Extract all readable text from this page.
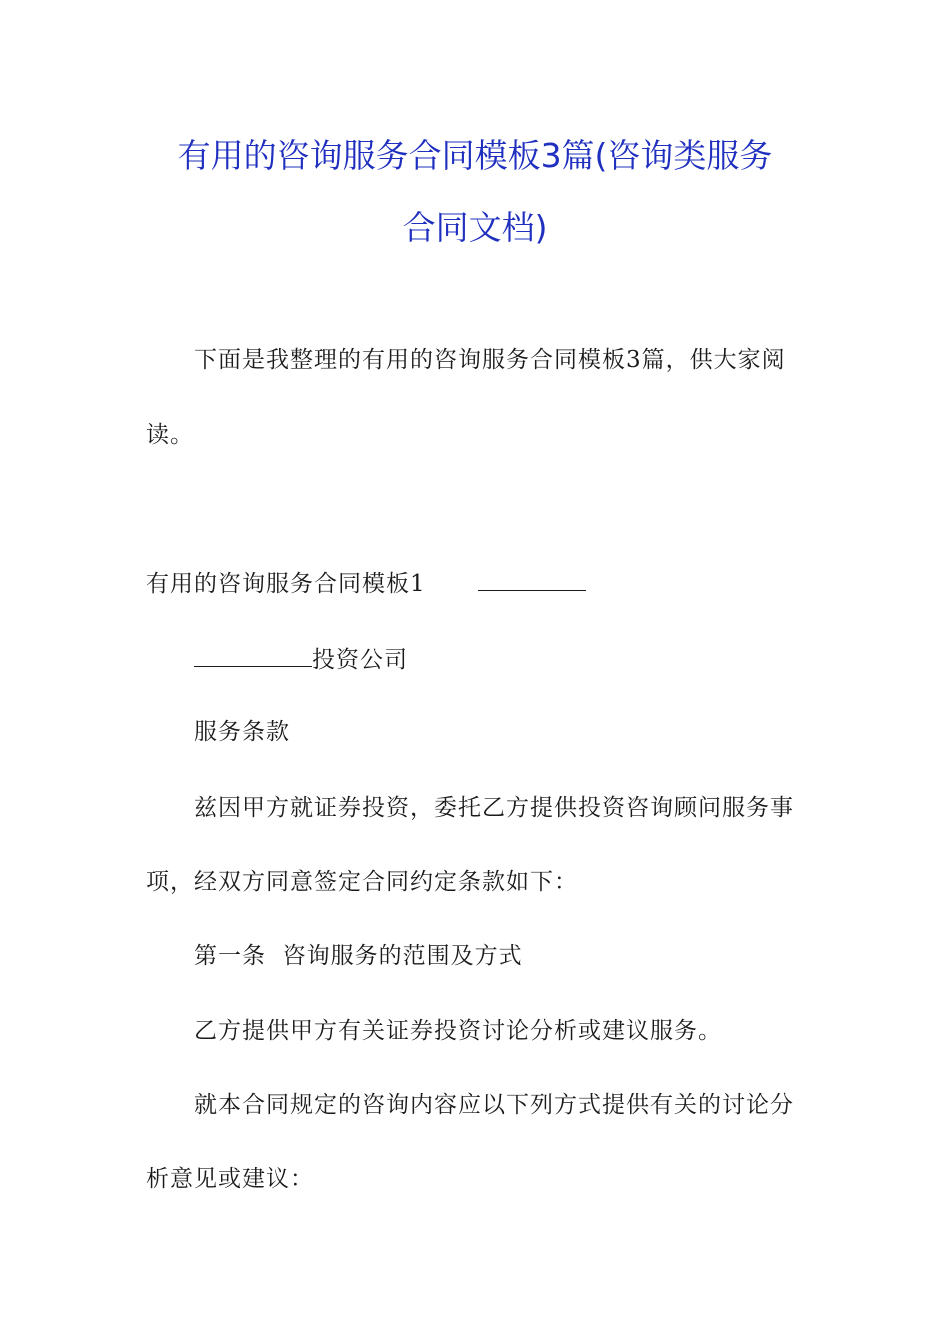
有用的咨询服务合同模板3篇(咨询类服务
合同文档)
下面是我整理的有用的咨询服务合同模板3篇，供大家阅
读。
有用的咨询服务合同模板1
投资公司
服务条款
兹因甲方就证券投资，委托乙方提供投资咨询顾问服务事
项，经双方同意签定合同约定条款如下：
第一条  咨询服务的范围及方式
乙方提供甲方有关证券投资讨论分析或建议服务。
就本合同规定的咨询内容应以下列方式提供有关的讨论分
析意见或建议：
